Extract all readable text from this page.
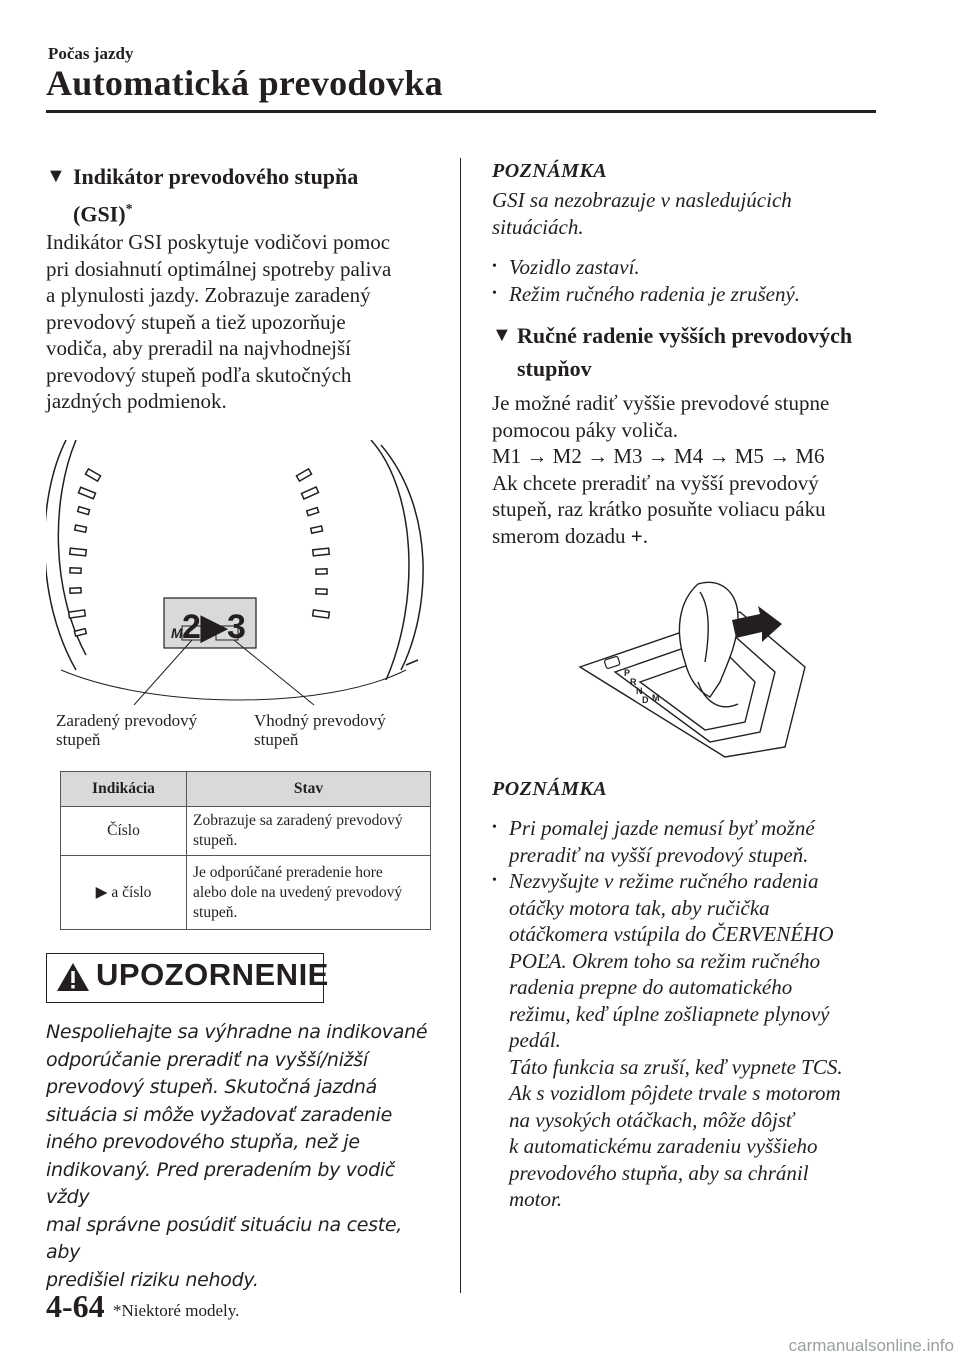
Počas jazdy
Automatická prevodovka
▼ Indikátor prevodového stupňa
(GSI)*
Indikátor GSI poskytuje vodičovi pomoc
pri dosiahnutí optimálnej spotreby paliva
a plynulosti jazdy. Zobrazuje zaradený
prevodový stupeň a tiež upozorňuje
vodiča, aby preradil na najvhodnejší
prevodový stupeň podľa skutočných
jazdných podmienok.
M 2▶3
Zaradený prevodový
stupeň
Vhodný prevodový
stupeň
Indikácia	Stav
Číslo	Zobrazuje sa zaradený prevodový
stupeň.

▶ a číslo	Je odporúčané preradenie hore
alebo dole na uvedený prevodový
stupeň.
UPOZORNENIE
Nespoliehajte sa výhradne na indikované
odporúčanie preradiť na vyšší/nižší
prevodový stupeň. Skutočná jazdná
situácia si môže vyžadovať zaradenie
iného prevodového stupňa, než je
indikovaný. Pred preradením by vodič vždy
mal správne posúdiť situáciu na ceste, aby
predišiel riziku nehody.
POZNÁMKA
GSI sa nezobrazuje v nasledujúcich
situáciách.
• Vozidlo zastaví.
• Režim ručného radenia je zrušený.
▼ Ručné radenie vyšších prevodových
stupňov
Je možné radiť vyššie prevodové stupne
pomocou páky voliča.
M1 → M2 → M3 → M4 → M5 → M6
Ak chcete preradiť na vyšší prevodový
stupeň, raz krátko posuňte voliacu páku
smerom dozadu +.
P
R
N
D M
POZNÁMKA
• Pri pomalej jazde nemusí byť možné
preradiť na vyšší prevodový stupeň.
• Nezvyšujte v režime ručného radenia
otáčky motora tak, aby ručička
otáčkomera vstúpila do ČERVENÉHO
POĽA. Okrem toho sa režim ručného
radenia prepne do automatického
režimu, keď úplne zošliapnete plynový
pedál.
Táto funkcia sa zruší, keď vypnete TCS.
Ak s vozidlom pôjdete trvale s motorom
na vysokých otáčkach, môže dôjsť
k automatickému zaradeniu vyššieho
prevodového stupňa, aby sa chránil
motor.
4-64 *Niektoré modely.
carmanualsonline.info
